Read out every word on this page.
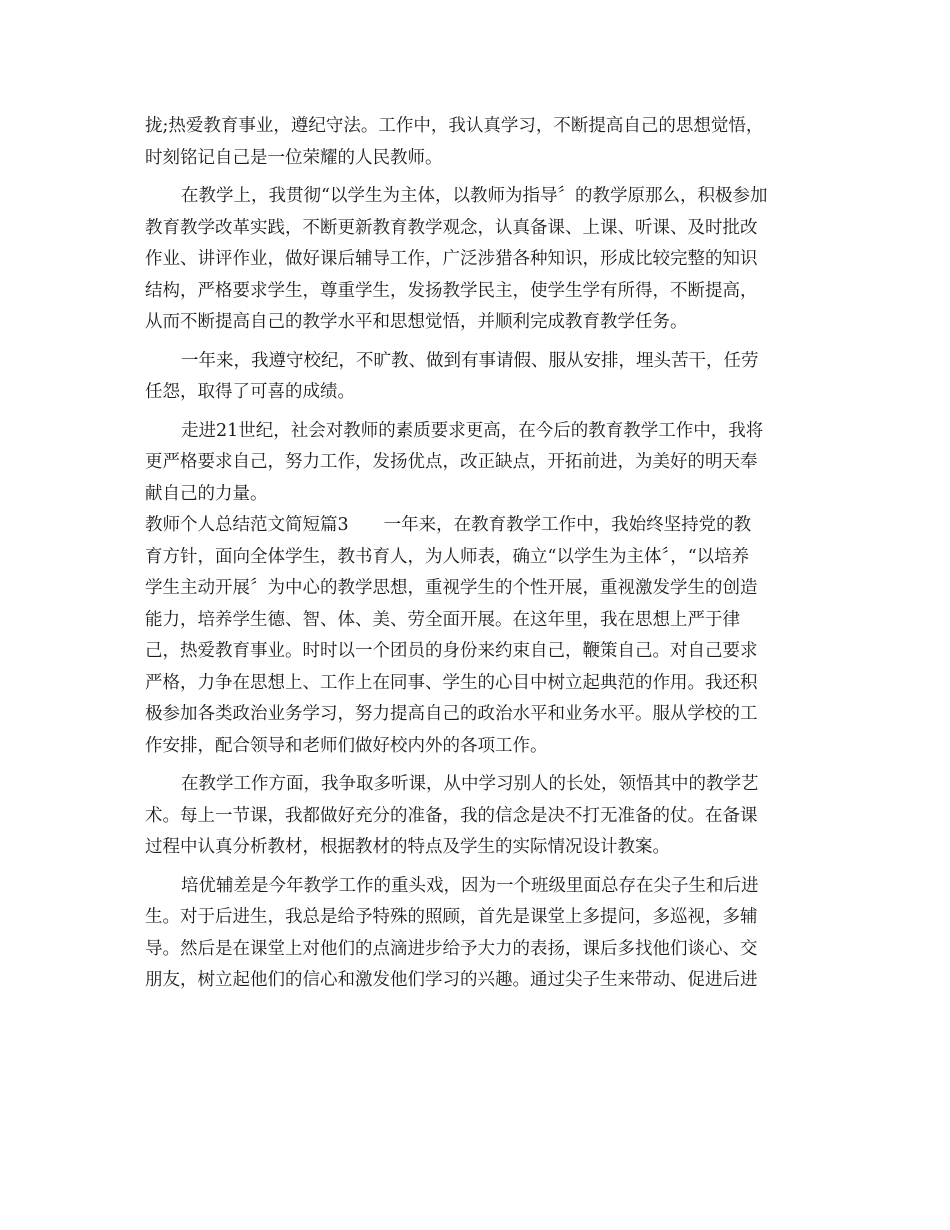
拢;热爱教育事业，遵纪守法。工作中，我认真学习，不断提高自己的思想觉悟，
时刻铭记自己是一位荣耀的人民教师。
在教学上，我贯彻“以学生为主体，以教师为指导〞的教学原那么，积极参加
教育教学改革实践，不断更新教育教学观念，认真备课、上课、听课、及时批改
作业、讲评作业，做好课后辅导工作，广泛涉猎各种知识，形成比较完整的知识
结构，严格要求学生，尊重学生，发扬教学民主，使学生学有所得，不断提高，
从而不断提高自己的教学水平和思想觉悟，并顺利完成教育教学任务。
一年来，我遵守校纪，不旷教、做到有事请假、服从安排，埋头苦干，任劳
任怨，取得了可喜的成绩。
走进21世纪，社会对教师的素质要求更高，在今后的教育教学工作中，我将
更严格要求自己，努力工作，发扬优点，改正缺点，开拓前进，为美好的明天奉
献自己的力量。
教师个人总结范文简短篇3　　一年来，在教育教学工作中，我始终坚持党的教
育方针，面向全体学生，教书育人，为人师表，确立“以学生为主体〞，“以培养
学生主动开展〞为中心的教学思想，重视学生的个性开展，重视激发学生的创造
能力，培养学生德、智、体、美、劳全面开展。在这年里，我在思想上严于律
己，热爱教育事业。时时以一个团员的身份来约束自己，鞭策自己。对自己要求
严格，力争在思想上、工作上在同事、学生的心目中树立起典范的作用。我还积
极参加各类政治业务学习，努力提高自己的政治水平和业务水平。服从学校的工
作安排，配合领导和老师们做好校内外的各项工作。
在教学工作方面，我争取多听课，从中学习别人的长处，领悟其中的教学艺
术。每上一节课，我都做好充分的准备，我的信念是决不打无准备的仗。在备课
过程中认真分析教材，根据教材的特点及学生的实际情况设计教案。
培优辅差是今年教学工作的重头戏，因为一个班级里面总存在尖子生和后进
生。对于后进生，我总是给予特殊的照顾，首先是课堂上多提问，多巡视，多辅
导。然后是在课堂上对他们的点滴进步给予大力的表扬，课后多找他们谈心、交
朋友，树立起他们的信心和激发他们学习的兴趣。通过尖子生来带动、促进后进
